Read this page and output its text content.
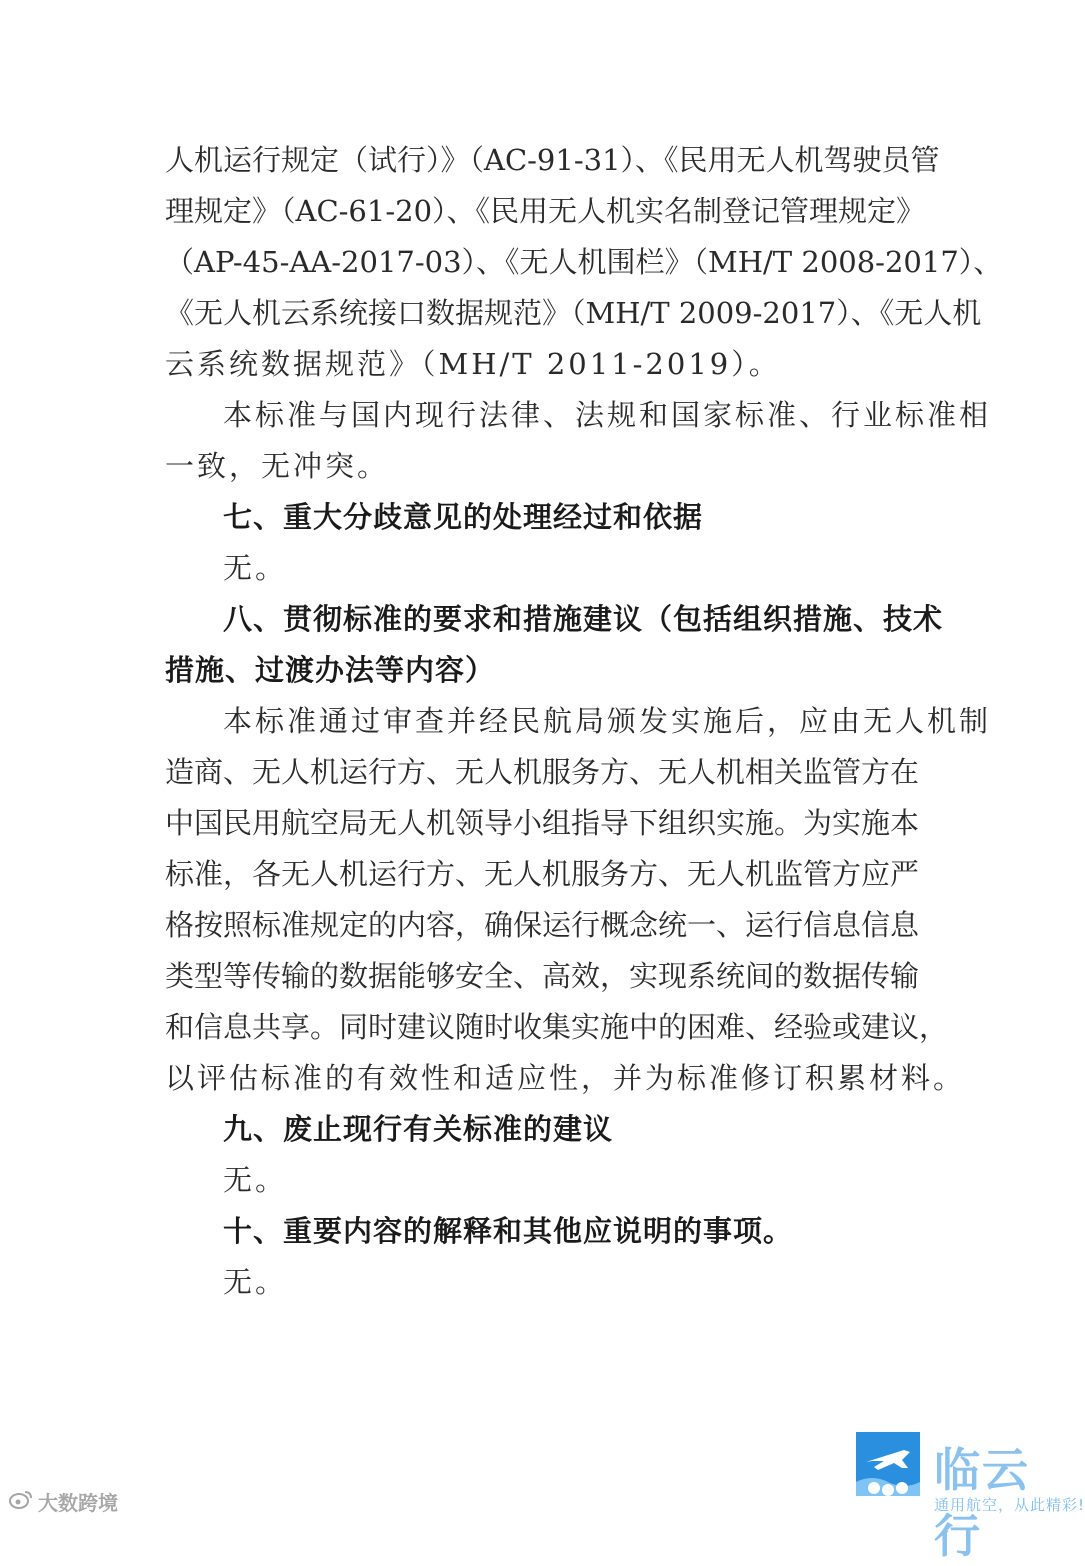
人机运行规定（试行）》（AC-91-31）、《民用无人机驾驶员管
理规定》（AC-61-20）、《民用无人机实名制登记管理规定》
（AP-45-AA-2017-03）、《无人机围栏》（MH/T 2008-2017）、
《无人机云系统接口数据规范》（MH/T 2009-2017）、《无人机
云系统数据规范》（MH/T 2011-2019）。
本标准与国内现行法律、法规和国家标准、行业标准相
一致，无冲突。
七、重大分歧意见的处理经过和依据
无。
八、贯彻标准的要求和措施建议（包括组织措施、技术
措施、过渡办法等内容）
本标准通过审查并经民航局颁发实施后，应由无人机制
造商、无人机运行方、无人机服务方、无人机相关监管方在
中国民用航空局无人机领导小组指导下组织实施。为实施本
标准，各无人机运行方、无人机服务方、无人机监管方应严
格按照标准规定的内容，确保运行概念统一、运行信息信息
类型等传输的数据能够安全、高效，实现系统间的数据传输
和信息共享。同时建议随时收集实施中的困难、经验或建议，
以评估标准的有效性和适应性，并为标准修订积累材料。
九、废止现行有关标准的建议
无。
十、重要内容的解释和其他应说明的事项。
无。
大数跨境
临云行
通用航空，从此精彩!
